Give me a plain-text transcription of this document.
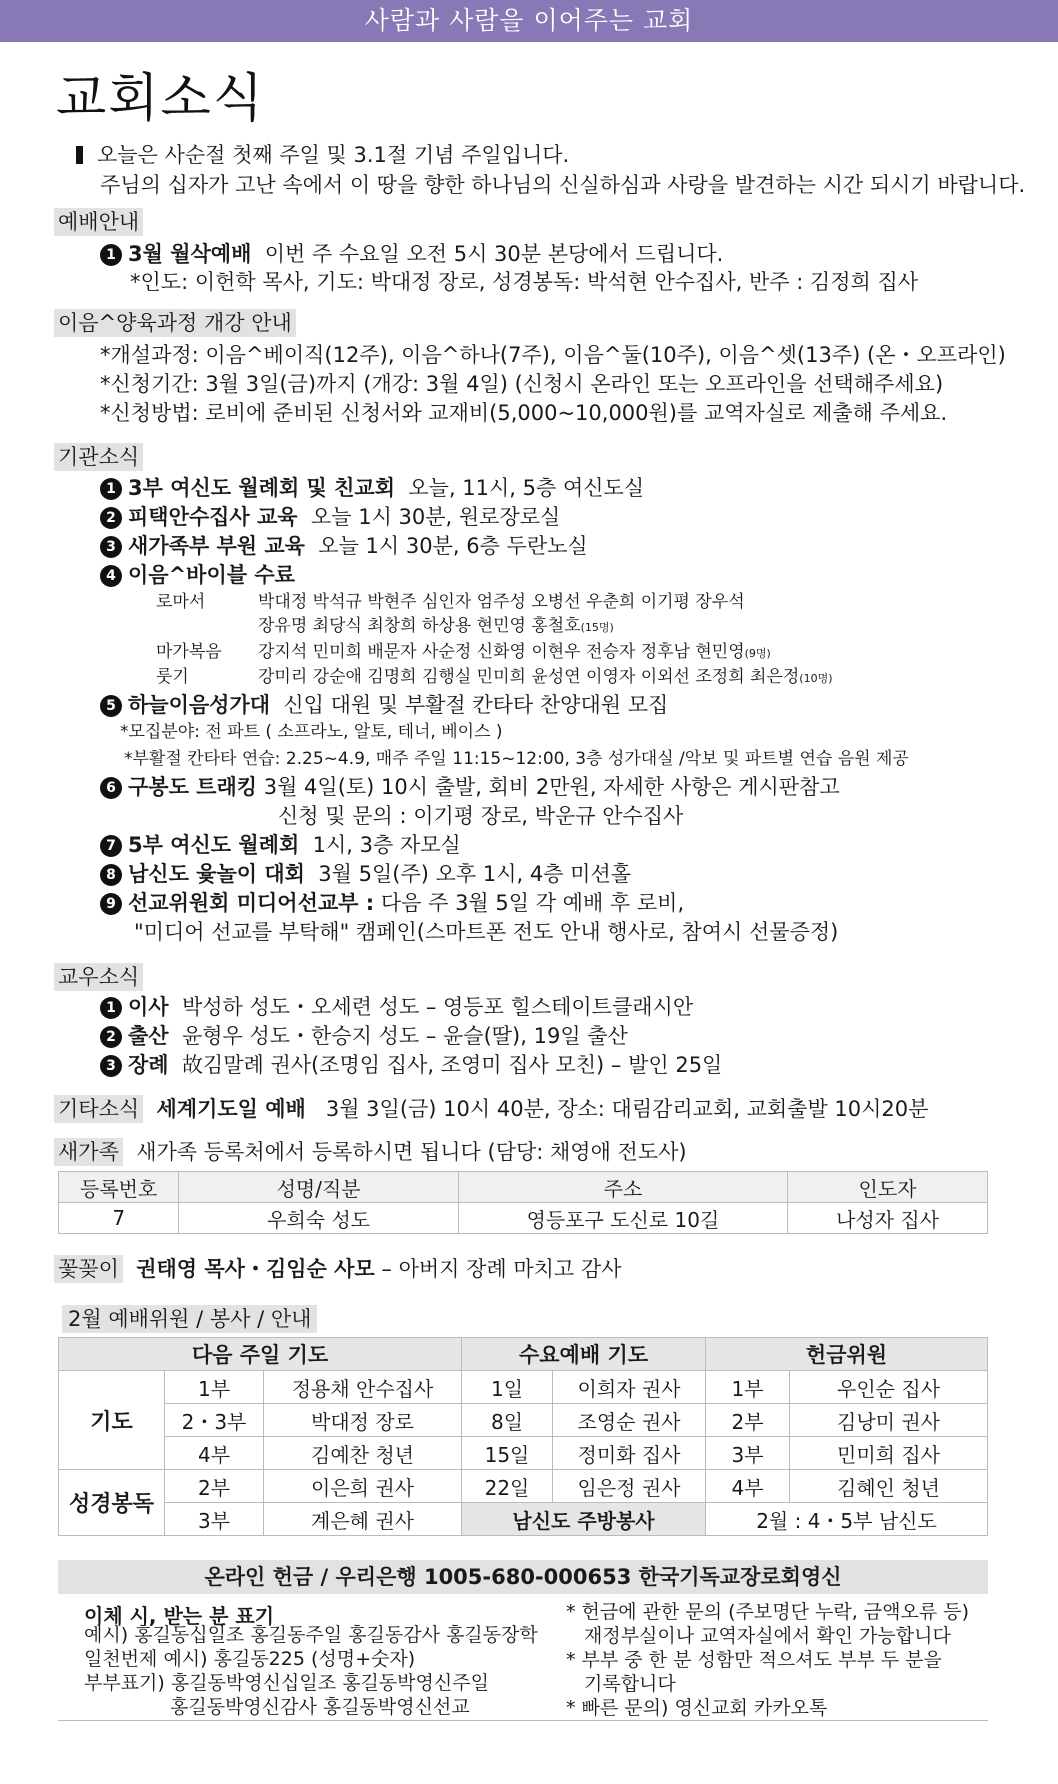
사람과 사람을 이어주는 교회
교회소식
오늘은 사순절 첫째 주일 및 3.1절 기념 주일입니다.
주님의 십자가 고난 속에서 이 땅을 향한 하나님의 신실하심과 사랑을 발견하는 시간 되시기 바랍니다.
예배안내
1 3월 월삭예배 이번 주 수요일 오전 5시 30분 본당에서 드립니다.
*인도: 이헌학 목사, 기도: 박대정 장로, 성경봉독: 박석현 안수집사, 반주 : 김정희 집사
이음^양육과정 개강 안내
*개설과정: 이음^베이직(12주), 이음^하나(7주), 이음^둘(10주), 이음^셋(13주) (온・오프라인)
*신청기간: 3월 3일(금)까지 (개강: 3월 4일) (신청시 온라인 또는 오프라인을 선택해주세요)
*신청방법: 로비에 준비된 신청서와 교재비(5,000~10,000원)를 교역자실로 제출해 주세요.
기관소식
1 3부 여신도 월례회 및 친교회 오늘, 11시, 5층 여신도실
2 피택안수집사 교육 오늘 1시 30분, 원로장로실
3 새가족부 부원 교육 오늘 1시 30분, 6층 두란노실
4 이음^바이블 수료
로마서	박대정 박석규 박현주 심인자 엄주성 오병선 우춘희 이기평 장우석
장유명 최당식 최창희 하상용 현민영 홍철호(15명)
마가복음 강지석 민미희 배문자 사순정 신화영 이현우 전승자 정후남 현민영(9명)
룻기	강미리 강순애 김명희 김행실 민미희 윤성연 이영자 이외선 조정희 최은정(10명)
5 하늘이음성가대 신입 대원 및 부활절 칸타타 찬양대원 모집
*모집분야: 전 파트 ( 소프라노, 알토, 테너, 베이스 )
*부활절 칸타타 연습: 2.25~4.9, 매주 주일 11:15~12:00, 3층 성가대실 /악보 및 파트별 연습 음원 제공
6 구봉도 트래킹 3월 4일(토) 10시 출발, 회비 2만원, 자세한 사항은 게시판참고
신청 및 문의 : 이기평 장로, 박운규 안수집사
7 5부 여신도 월례회 1시, 3층 자모실
8 남신도 윷놀이 대회 3월 5일(주) 오후 1시, 4층 미션홀
9 선교위원회 미디어선교부 : 다음 주 3월 5일 각 예배 후 로비,
"미디어 선교를 부탁해" 캠페인(스마트폰 전도 안내 행사로, 참여시 선물증정)
교우소식
1 이사 박성하 성도・오세련 성도 – 영등포 힐스테이트클래시안
2 출산 윤형우 성도・한승지 성도 – 윤슬(딸), 19일 출산
3 장례 故김말례 권사(조명임 집사, 조영미 집사 모친) – 발인 25일
기타소식 세계기도일 예배 3월 3일(금) 10시 40분, 장소: 대림감리교회, 교회출발 10시20분
새가족 새가족 등록처에서 등록하시면 됩니다 (담당: 채영애 전도사)
등록번호	성명/직분	주소	인도자
7	우희숙 성도	영등포구 도신로 10길	나성자 집사
꽃꽂이 권태영 목사・김임순 사모 – 아버지 장례 마치고 감사
2월 예배위원 / 봉사 / 안내
다음 주일 기도			수요예배 기도		헌금위원	
기도	1부	정용채 안수집사	1일	이희자 권사	1부	우인순 집사
	2・3부	박대정 장로	8일	조영순 권사	2부	김낭미 권사
	4부	김예찬 청년	15일	정미화 집사	3부	민미희 집사
성경봉독	2부	이은희 권사	22일	임은정 권사	4부	김혜인 청년
	3부	계은혜 권사	남신도 주방봉사		2월 : 4・5부 남신도	
온라인 헌금 / 우리은행 1005-680-000653 한국기독교장로회영신
이체 시, 받는 분 표기
예시) 홍길동십일조 홍길동주일 홍길동감사 홍길동장학
일천번제 예시) 홍길동225 (성명+숫자)
부부표기) 홍길동박영신십일조 홍길동박영신주일
홍길동박영신감사 홍길동박영신선교
* 헌금에 관한 문의 (주보명단 누락, 금액오류 등)
재정부실이나 교역자실에서 확인 가능합니다
* 부부 중 한 분 성함만 적으셔도 부부 두 분을
기록합니다
* 빠른 문의) 영신교회 카카오톡
